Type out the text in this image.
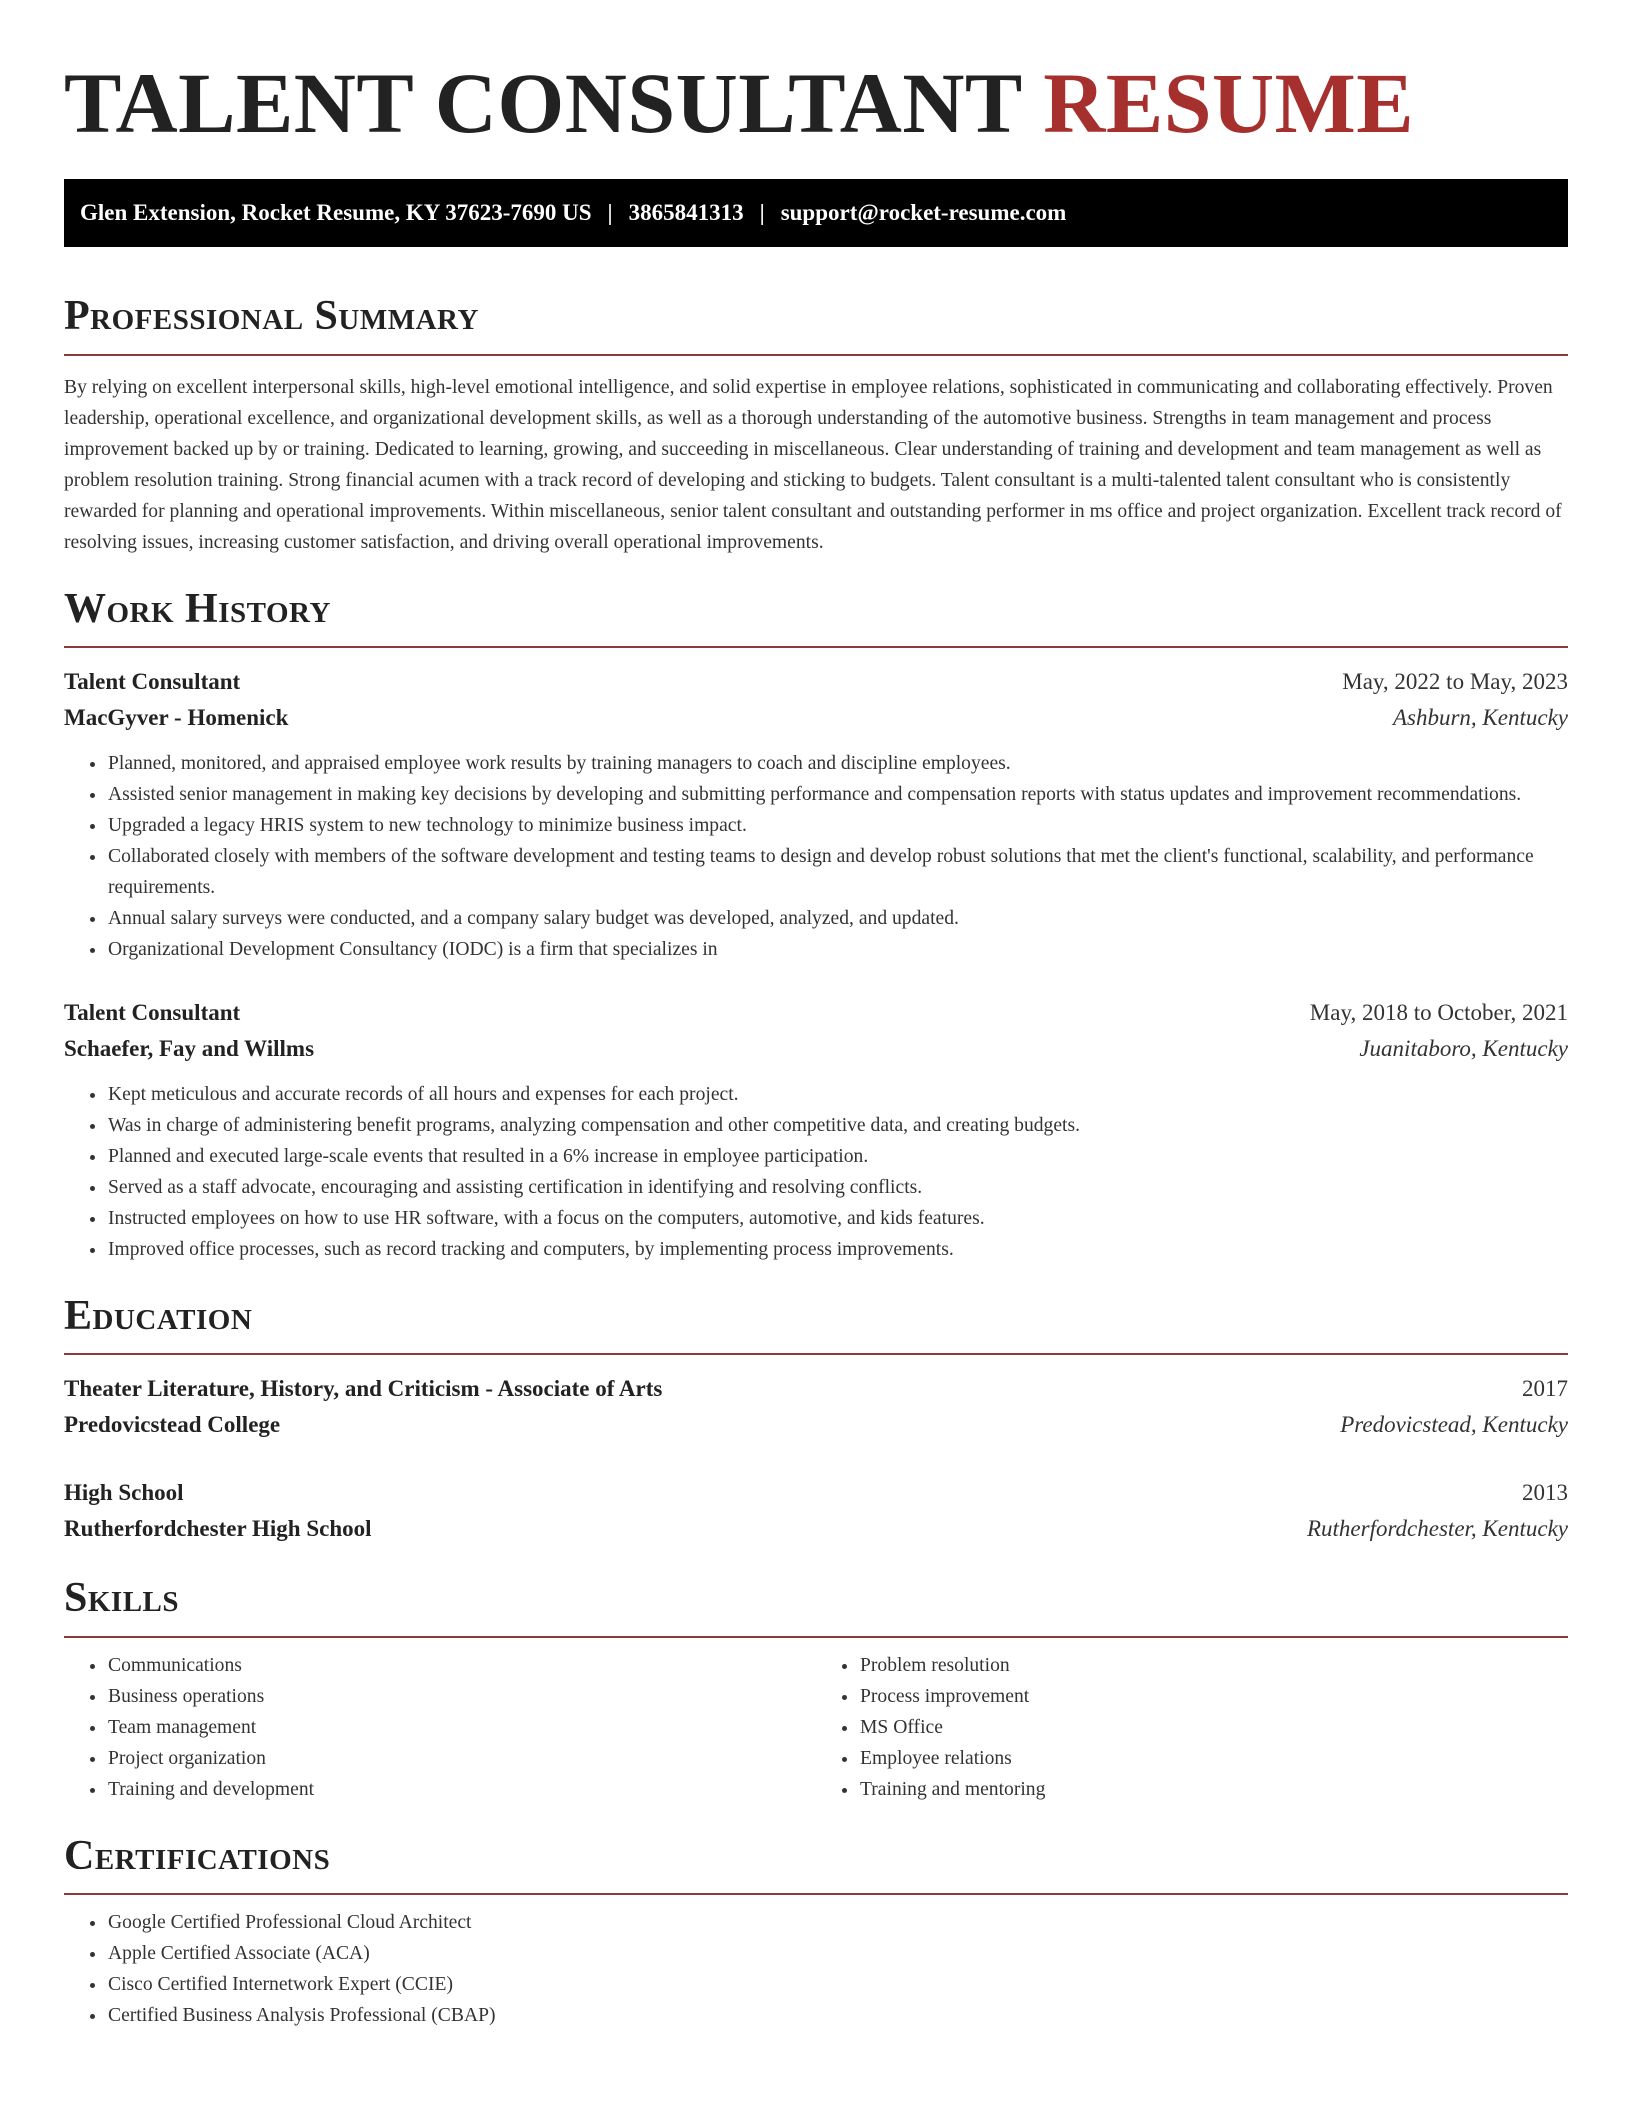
TALENT CONSULTANT RESUME
Glen Extension, Rocket Resume, KY 37623-7690 US | 3865841313 | support@rocket-resume.com
Professional Summary

By relying on excellent interpersonal skills, high-level emotional intelligence, and solid expertise in employee relations, sophisticated in communicating and collaborating effectively. Proven leadership, operational excellence, and organizational development skills, as well as a thorough understanding of the automotive business. Strengths in team management and process improvement backed up by or training. Dedicated to learning, growing, and succeeding in miscellaneous. Clear understanding of training and development and team management as well as problem resolution training. Strong financial acumen with a track record of developing and sticking to budgets. Talent consultant is a multi-talented talent consultant who is consistently rewarded for planning and operational improvements. Within miscellaneous, senior talent consultant and outstanding performer in ms office and project organization. Excellent track record of resolving issues, increasing customer satisfaction, and driving overall operational improvements.

Work History
Talent Consultant	May, 2022 to May, 2023
MacGyver - Homenick	Ashburn, Kentucky
• Planned, monitored, and appraised employee work results by training managers to coach and discipline employees.
• Assisted senior management in making key decisions by developing and submitting performance and compensation reports with status updates and improvement recommendations.
• Upgraded a legacy HRIS system to new technology to minimize business impact.
• Collaborated closely with members of the software development and testing teams to design and develop robust solutions that met the client's functional, scalability, and performance requirements.
• Annual salary surveys were conducted, and a company salary budget was developed, analyzed, and updated.
• Organizational Development Consultancy (IODC) is a firm that specializes in
Talent Consultant	May, 2018 to October, 2021
Schaefer, Fay and Willms	Juanitaboro, Kentucky
• Kept meticulous and accurate records of all hours and expenses for each project.
• Was in charge of administering benefit programs, analyzing compensation and other competitive data, and creating budgets.
• Planned and executed large-scale events that resulted in a 6% increase in employee participation.
• Served as a staff advocate, encouraging and assisting certification in identifying and resolving conflicts.
• Instructed employees on how to use HR software, with a focus on the computers, automotive, and kids features.
• Improved office processes, such as record tracking and computers, by implementing process improvements.
Education
Theater Literature, History, and Criticism - Associate of Arts	2017
Predovicstead College	Predovicstead, Kentucky
High School	2013
Rutherfordchester High School	Rutherfordchester, Kentucky
Skills
• Communications
• Business operations
• Team management
• Project organization
• Training and development
• Problem resolution
• Process improvement
• MS Office
• Employee relations
• Training and mentoring
Certifications
• Google Certified Professional Cloud Architect
• Apple Certified Associate (ACA)
• Cisco Certified Internetwork Expert (CCIE)
• Certified Business Analysis Professional (CBAP)
